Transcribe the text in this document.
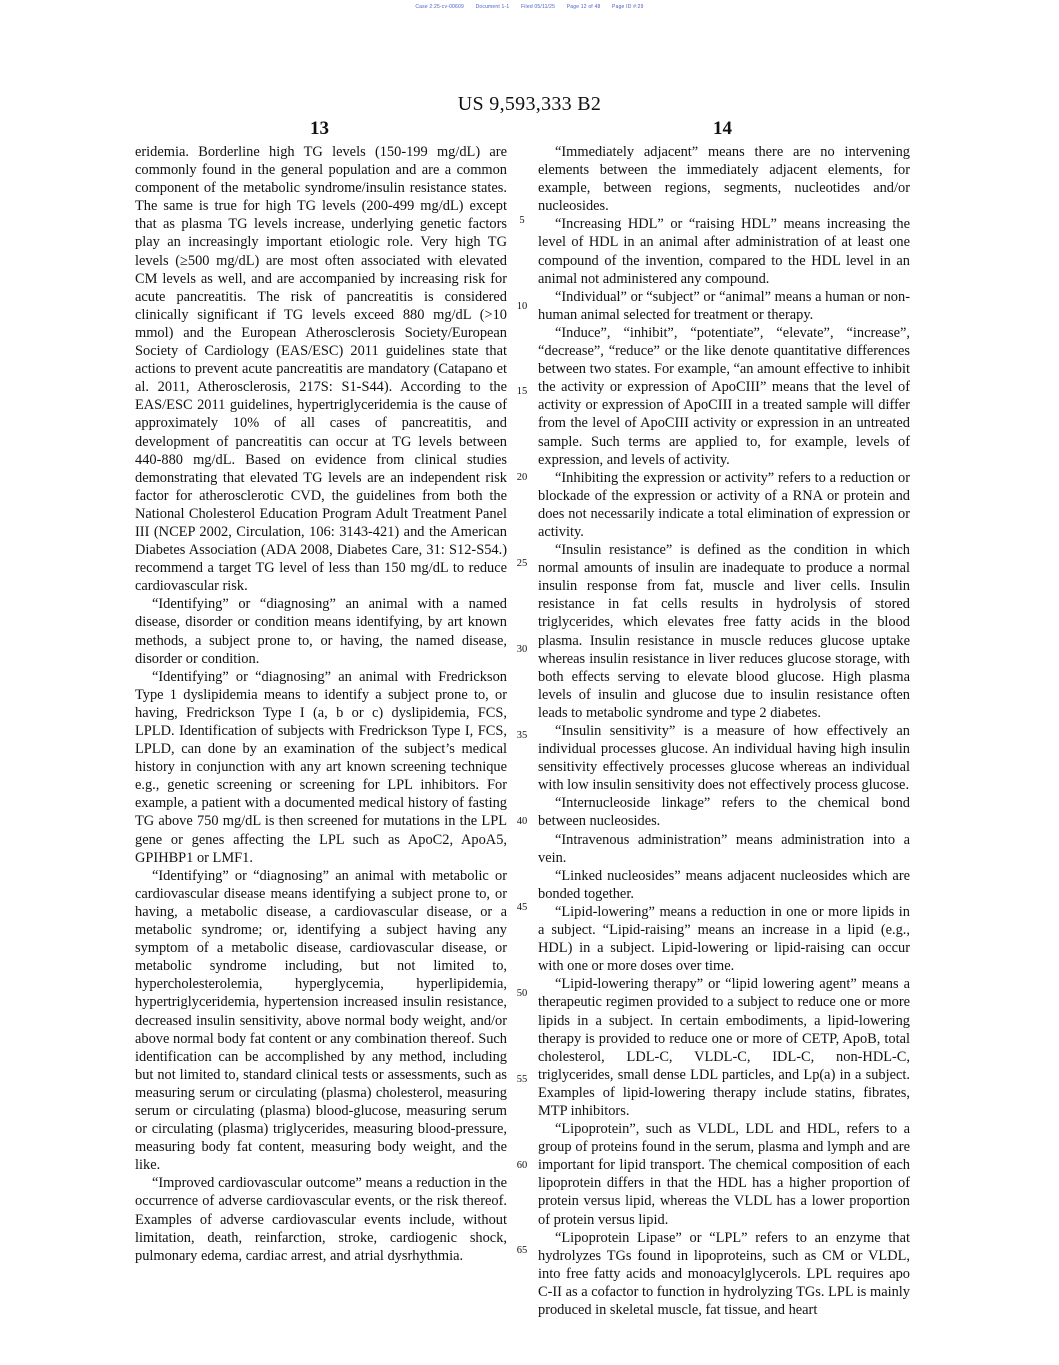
Case 2:25-cv-00609 Document 1-1 Filed 05/11/25 Page 12 of 48 Page ID #:29
US 9,593,333 B2
13	14

eridemia. Borderline high TG levels (150-199 mg/dL) are commonly found in the general population and are a common component of the metabolic syndrome/insulin resistance states. The same is true for high TG levels (200-499 mg/dL) except that as plasma TG levels increase, underlying genetic factors play an increasingly important etiologic role. Very high TG levels (≥500 mg/dL) are most often associated with elevated CM levels as well, and are accompanied by increasing risk for acute pancreatitis. The risk of pancreatitis is considered clinically significant if TG levels exceed 880 mg/dL (>10 mmol) and the European Atherosclerosis Society/European Society of Cardiology (EAS/ESC) 2011 guidelines state that actions to prevent acute pancreatitis are mandatory (Catapano et al. 2011, Atherosclerosis, 217S: S1-S44). According to the EAS/ESC 2011 guidelines, hypertriglyceridemia is the cause of approximately 10% of all cases of pancreatitis, and development of pancreatitis can occur at TG levels between 440-880 mg/dL. Based on evidence from clinical studies demonstrating that elevated TG levels are an independent risk factor for atherosclerotic CVD, the guidelines from both the National Cholesterol Education Program Adult Treatment Panel III (NCEP 2002, Circulation, 106: 3143-421) and the American Diabetes Association (ADA 2008, Diabetes Care, 31: S12-S54.) recommend a target TG level of less than 150 mg/dL to reduce cardiovascular risk.

“Identifying” or “diagnosing” an animal with a named disease, disorder or condition means identifying, by art known methods, a subject prone to, or having, the named disease, disorder or condition.

“Identifying” or “diagnosing” an animal with Fredrickson Type 1 dyslipidemia means to identify a subject prone to, or having, Fredrickson Type I (a, b or c) dyslipidemia, FCS, LPLD. Identification of subjects with Fredrickson Type I, FCS, LPLD, can done by an examination of the subject’s medical history in conjunction with any art known screening technique e.g., genetic screening or screening for LPL inhibitors. For example, a patient with a documented medical history of fasting TG above 750 mg/dL is then screened for mutations in the LPL gene or genes affecting the LPL such as ApoC2, ApoA5, GPIHBP1 or LMF1.

“Identifying” or “diagnosing” an animal with metabolic or cardiovascular disease means identifying a subject prone to, or having, a metabolic disease, a cardiovascular disease, or a metabolic syndrome; or, identifying a subject having any symptom of a metabolic disease, cardiovascular disease, or metabolic syndrome including, but not limited to, hypercholesterolemia, hyperglycemia, hyperlipidemia, hypertriglyceridemia, hypertension increased insulin resistance, decreased insulin sensitivity, above normal body weight, and/or above normal body fat content or any combination thereof. Such identification can be accomplished by any method, including but not limited to, standard clinical tests or assessments, such as measuring serum or circulating (plasma) cholesterol, measuring serum or circulating (plasma) blood-glucose, measuring serum or circulating (plasma) triglycerides, measuring blood-pressure, measuring body fat content, measuring body weight, and the like.

“Improved cardiovascular outcome” means a reduction in the occurrence of adverse cardiovascular events, or the risk thereof. Examples of adverse cardiovascular events include, without limitation, death, reinfarction, stroke, cardiogenic shock, pulmonary edema, cardiac arrest, and atrial dysrhythmia.

“Immediately adjacent” means there are no intervening elements between the immediately adjacent elements, for example, between regions, segments, nucleotides and/or nucleosides.

“Increasing HDL” or “raising HDL” means increasing the level of HDL in an animal after administration of at least one compound of the invention, compared to the HDL level in an animal not administered any compound.

“Individual” or “subject” or “animal” means a human or non-human animal selected for treatment or therapy.

“Induce”, “inhibit”, “potentiate”, “elevate”, “increase”, “decrease”, “reduce” or the like denote quantitative differences between two states. For example, “an amount effective to inhibit the activity or expression of ApoCIII” means that the level of activity or expression of ApoCIII in a treated sample will differ from the level of ApoCIII activity or expression in an untreated sample. Such terms are applied to, for example, levels of expression, and levels of activity.

“Inhibiting the expression or activity” refers to a reduction or blockade of the expression or activity of a RNA or protein and does not necessarily indicate a total elimination of expression or activity.

“Insulin resistance” is defined as the condition in which normal amounts of insulin are inadequate to produce a normal insulin response from fat, muscle and liver cells. Insulin resistance in fat cells results in hydrolysis of stored triglycerides, which elevates free fatty acids in the blood plasma. Insulin resistance in muscle reduces glucose uptake whereas insulin resistance in liver reduces glucose storage, with both effects serving to elevate blood glucose. High plasma levels of insulin and glucose due to insulin resistance often leads to metabolic syndrome and type 2 diabetes.

“Insulin sensitivity” is a measure of how effectively an individual processes glucose. An individual having high insulin sensitivity effectively processes glucose whereas an individual with low insulin sensitivity does not effectively process glucose.

“Internucleoside linkage” refers to the chemical bond between nucleosides.

“Intravenous administration” means administration into a vein.

“Linked nucleosides” means adjacent nucleosides which are bonded together.

“Lipid-lowering” means a reduction in one or more lipids in a subject. “Lipid-raising” means an increase in a lipid (e.g., HDL) in a subject. Lipid-lowering or lipid-raising can occur with one or more doses over time.

“Lipid-lowering therapy” or “lipid lowering agent” means a therapeutic regimen provided to a subject to reduce one or more lipids in a subject. In certain embodiments, a lipid-lowering therapy is provided to reduce one or more of CETP, ApoB, total cholesterol, LDL-C, VLDL-C, IDL-C, non-HDL-C, triglycerides, small dense LDL particles, and Lp(a) in a subject. Examples of lipid-lowering therapy include statins, fibrates, MTP inhibitors.

“Lipoprotein”, such as VLDL, LDL and HDL, refers to a group of proteins found in the serum, plasma and lymph and are important for lipid transport. The chemical composition of each lipoprotein differs in that the HDL has a higher proportion of protein versus lipid, whereas the VLDL has a lower proportion of protein versus lipid.

“Lipoprotein Lipase” or “LPL” refers to an enzyme that hydrolyzes TGs found in lipoproteins, such as CM or VLDL, into free fatty acids and monoacylglycerols. LPL requires apo C-II as a cofactor to function in hydrolyzing TGs. LPL is mainly produced in skeletal muscle, fat tissue, and heart

5
10
15
20
25
30
35
40
45
50
55
60
65
